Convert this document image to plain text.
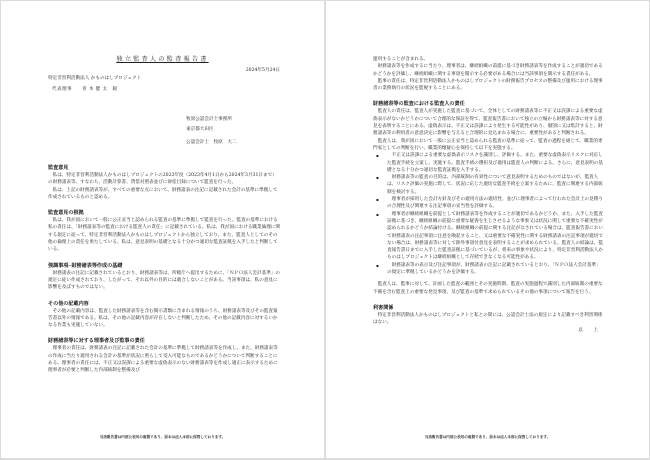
独立監査人の監査報告書
2024年5月24日
特定非営利活動法人 かものはしプロジェクト
代表理事　　青 木 健 太　殿
牧原公認会計士事務所
東京都大田区
公認会計士　牧原　大二

監査意見

私は、特定非営利活動法人かものはしプロジェクトの2023年度（2023年4月1日から2024年3月31日まで）の財務諸表等、すなわち、活動計算書、貸借対照表並びに財産目録について監査を行った。

私は、上記の財務諸表等が、すべての重要な点において、財務諸表の注記に記載された会計の基準に準拠して作成されているものと認める。

監査意見の根拠

私は、我が国において一般に公正妥当と認められる監査の基準に準拠して監査を行った。監査の基準における私の責任は、「財務諸表等の監査における監査人の責任」に記載されている。私は、我が国における職業倫理に関する規定に従って、特定非営利活動法人かものはしプロジェクトから独立しており、また、監査人としてのその他の倫理上の責任を果たしている。私は、意見表明の基礎となる十分かつ適切な監査証拠を入手したと判断している。

強調事項─財務諸表等作成の基礎

財務諸表の注記に記載されているとおり、財務諸表等は、所轄庁へ提出するために、「ＮＰＯ法人会計基準」の規定に従い作成されており、したがって、それ以外の目的には適合しないことがある。当該事項は、私の意見に影響を及ぼすものではない。

その他の記載内容

その他の記載内容は、監査した財務諸表等を含む開示書類に含まれる情報のうち、財務諸表等及びその監査報告書以外の情報である。私は、その他の記載内容が存在しないと判断したため、その他の記載内容に対するいかなる作業も実施していない。

財務諸表等に対する理事者及び監事の責任

理事者の責任は、財務諸表の注記に記載された会計の基準に準拠して財務諸表等を作成し、また、財務諸表等の作成に当たり適用される会計の基準が状況に照らして受入可能なものであるかどうかについて判断することにある。理事者の責任には、不正又は誤謬による重要な虚偽表示のない財務諸表等を作成し適正に表示するために理事者が必要と判断した内部統制を整備及び

当該報告書は内部公表用の複製であり、原本は法人本部に保管しております。

運用することが含まれる。

財務諸表等を作成するに当たり、理事者は、継続組織の前提に基づき財務諸表等を作成することが適切であるかどうかを評価し、継続組織に関する事項を開示する必要がある場合には当該事項を開示する責任がある。

監事の責任は、特定非営利活動法人かものはしプロジェクトの財務報告プロセスの整備及び運用における理事者の業務執行の状況を監視することにある。

財務諸表等の監査における監査人の責任

監査人の責任は、監査人が実施した監査に基づいて、全体としての財務諸表等に不正又は誤謬による重要な虚偽表示がないかどうかについて合理的な保証を得て、監査報告書において独立の立場から財務諸表等に対する意見を表明することにある。虚偽表示は、不正又は誤謬により発生する可能性があり、個別に又は集計すると、財務諸表等の利用者の意思決定に影響を与えると合理的に見込まれる場合に、重要性があると判断される。

監査人は、我が国において一般に公正妥当と認められる監査の基準に従って、監査の過程を通じて、職業的専門家としての判断を行い、職業的懐疑心を保持して以下を実施する。

▪ 不正又は誤謬による重要な虚偽表示リスクを識別し、評価する。また、重要な虚偽表示リスクに対応した監査手続を立案し、実施する。監査手続の選択及び適用は監査人の判断による。さらに、意見表明の基礎となる十分かつ適切な監査証拠を入手する。
▪ 財務諸表等の監査の目的は、内部統制の有効性について意見表明するためのものではないが、監査人は、リスク評価の実施に際して、状況に応じた適切な監査手続を立案するために、監査に関連する内部統制を検討する。
▪ 理事者が採用した会計方針及びその適用方法の適切性、並びに理事者によって行われた会計上の見積りの合理性及び関連する注記事項の妥当性を評価する。
▪ 理事者が継続組織を前提として財務諸表等を作成することが適切であるかどうか、また、入手した監査証拠に基づき、継続組織の前提に重要な疑義を生じさせるような事象又は状況に関して重要な不確実性が認められるかどうか結論付ける。継続組織の前提に関する注記がなされている場合は、監査報告書において財務諸表の注記事項に注意を喚起すること、又は重要な不確実性に関する財務諸表の注記事項が適切でない場合は、財務諸表等に対して除外事項付意見を表明することが求められている。監査人の結論は、監査報告書日までに入手した監査証拠に基づいているが、将来の事象や状況により、特定非営利活動法人かものはしプロジェクトは継続組織として存続できなくなる可能性がある。
▪ 財務諸表等の表示及び注記事項が、財務諸表の注記に記載されているとおり、「ＮＰＯ法人会計基準」の規定に準拠しているかどうかを評価する。

監査人は、監事に対して、計画した監査の範囲とその実施時期、監査の実施過程で識別した内部統制の重要な不備を含む監査上の重要な発見事項、及び監査の基準で求められているその他の事項について報告を行う。

利害関係

特定非営利活動法人かものはしプロジェクトと私との間には、公認会計士法の規定により記載すべき利害関係はない。

以　上
当該報告書は内部公表用の複製であり、原本は法人本部に保管しております。
